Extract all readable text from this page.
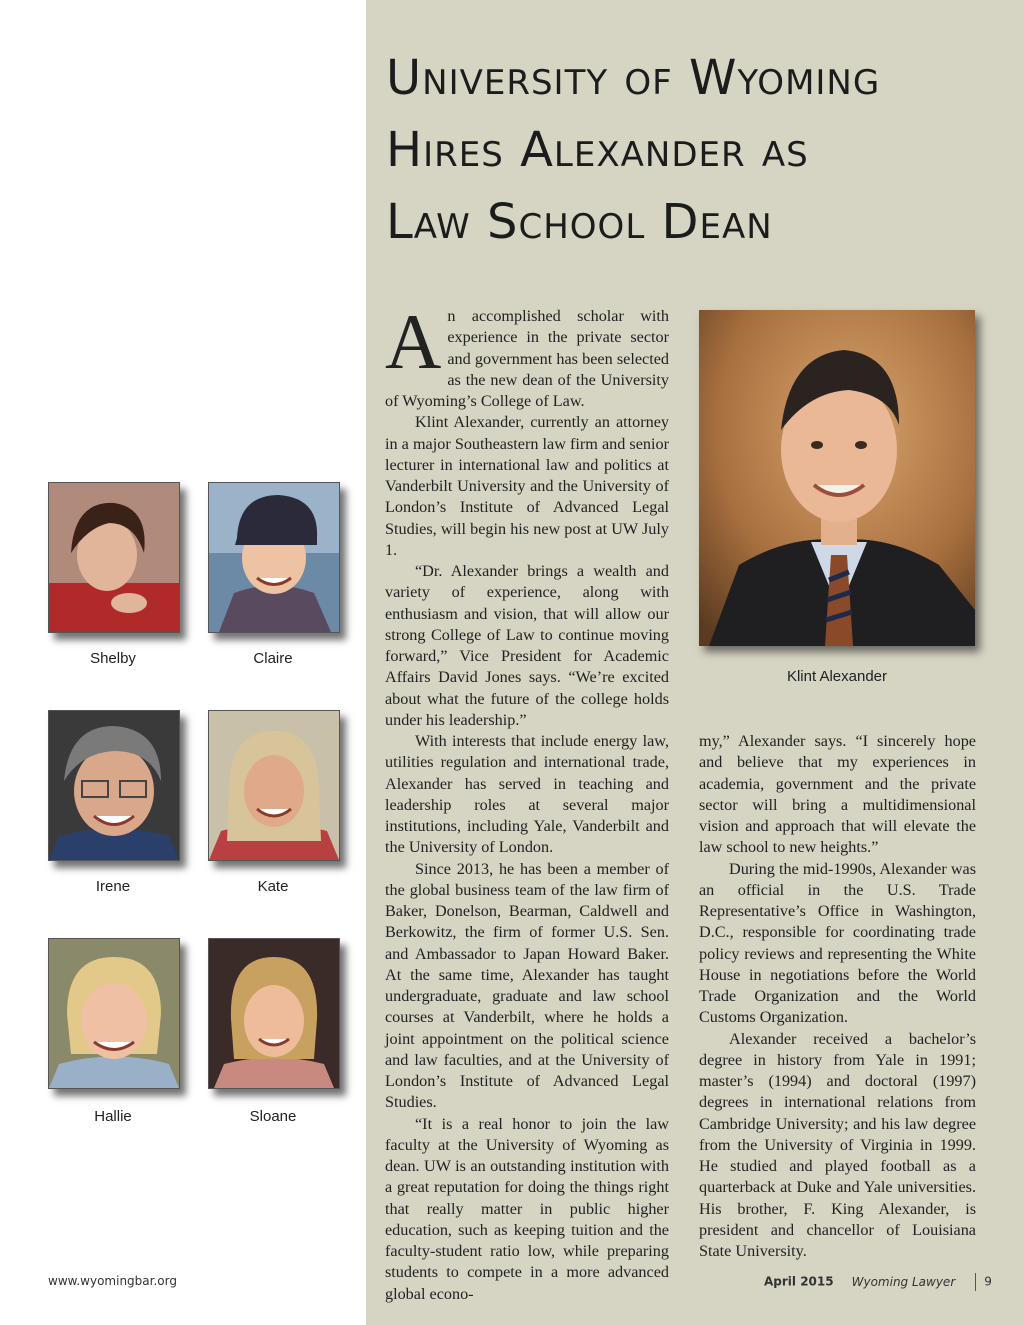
University of Wyoming
Hires Alexander as
Law School Dean

An accomplished scholar with experience in the private sector and government has been selected as the new dean of the University of Wyoming’s College of Law.

Klint Alexander, currently an attorney in a major Southeastern law firm and senior lecturer in international law and politics at Vanderbilt University and the University of London’s Institute of Advanced Legal Studies, will begin his new post at UW July 1.

“Dr. Alexander brings a wealth and variety of experience, along with enthusiasm and vision, that will allow our strong College of Law to continue moving forward,” Vice President for Academic Affairs David Jones says. “We’re excited about what the future of the college holds under his leadership.”

With interests that include energy law, utilities regulation and international trade, Alexander has served in teaching and leadership roles at several major institutions, including Yale, Vanderbilt and the University of London.

Since 2013, he has been a member of the global business team of the law firm of Baker, Donelson, Bearman, Caldwell and Berkowitz, the firm of former U.S. Sen. and Ambassador to Japan Howard Baker. At the same time, Alexander has taught undergraduate, graduate and law school courses at Vanderbilt, where he holds a joint appointment on the political science and law faculties, and at the University of London’s Institute of Advanced Legal Studies.

“It is a real honor to join the law faculty at the University of Wyoming as dean. UW is an outstanding institution with a great reputation for doing the things right that really matter in public higher education, such as keeping tuition and the faculty-student ratio low, while preparing students to compete in a more advanced global econo-

Klint Alexander

my,” Alexander says. “I sincerely hope and believe that my experiences in academia, government and the private sector will bring a multidimensional vision and approach that will elevate the law school to new heights.”

During the mid-1990s, Alexander was an official in the U.S. Trade Representative’s Office in Washington, D.C., responsible for coordinating trade policy reviews and representing the White House in negotiations before the World Trade Organization and the World Customs Organization.

Alexander received a bachelor’s degree in history from Yale in 1991; master’s (1994) and doctoral (1997) degrees in international relations from Cambridge University; and his law degree from the University of Virginia in 1999. He studied and played football as a quarterback at Duke and Yale universities. His brother, F. King Alexander, is president and chancellor of Louisiana State University.

Shelby	Claire
Irene	Kate
Hallie	Sloane
www.wyomingbar.org	April 2015 Wyoming Lawyer 9
